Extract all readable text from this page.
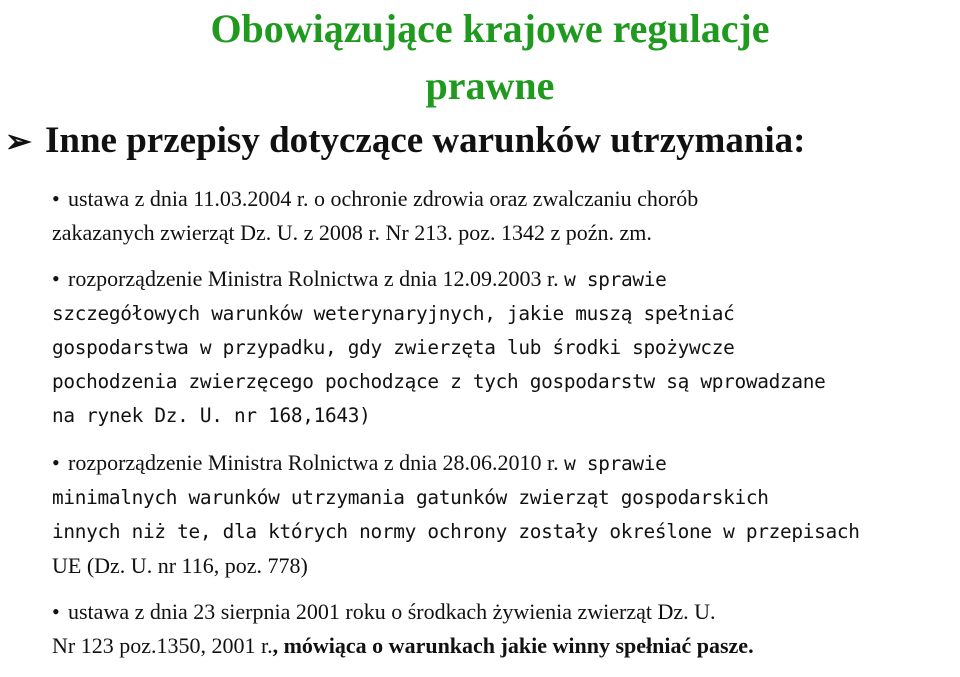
Obowiązujące krajowe regulacje
prawne
➢ Inne przepisy dotyczące warunków utrzymania:
• ustawa z dnia 11.03.2004 r. o ochronie zdrowia oraz zwalczaniu chorób
zakazanych zwierząt Dz. U. z 2008 r. Nr 213. poz. 1342 z poźn. zm.
• rozporządzenie Ministra Rolnictwa z dnia 12.09.2003 r. w sprawie
szczegółowych warunków weterynaryjnych, jakie muszą spełniać
gospodarstwa w przypadku, gdy zwierzęta lub środki spożywcze
pochodzenia zwierzęcego pochodzące z tych gospodarstw są wprowadzane
na rynek Dz. U. nr 168,1643)
• rozporządzenie Ministra Rolnictwa z dnia 28.06.2010 r. w sprawie
minimalnych warunków utrzymania gatunków zwierząt gospodarskich
innych niż te, dla których normy ochrony zostały określone w przepisach
UE (Dz. U. nr 116, poz. 778)
• ustawa z dnia 23 sierpnia 2001 roku o środkach żywienia zwierząt Dz. U.
Nr 123 poz.1350, 2001 r., mówiąca o warunkach jakie winny spełniać pasze.
